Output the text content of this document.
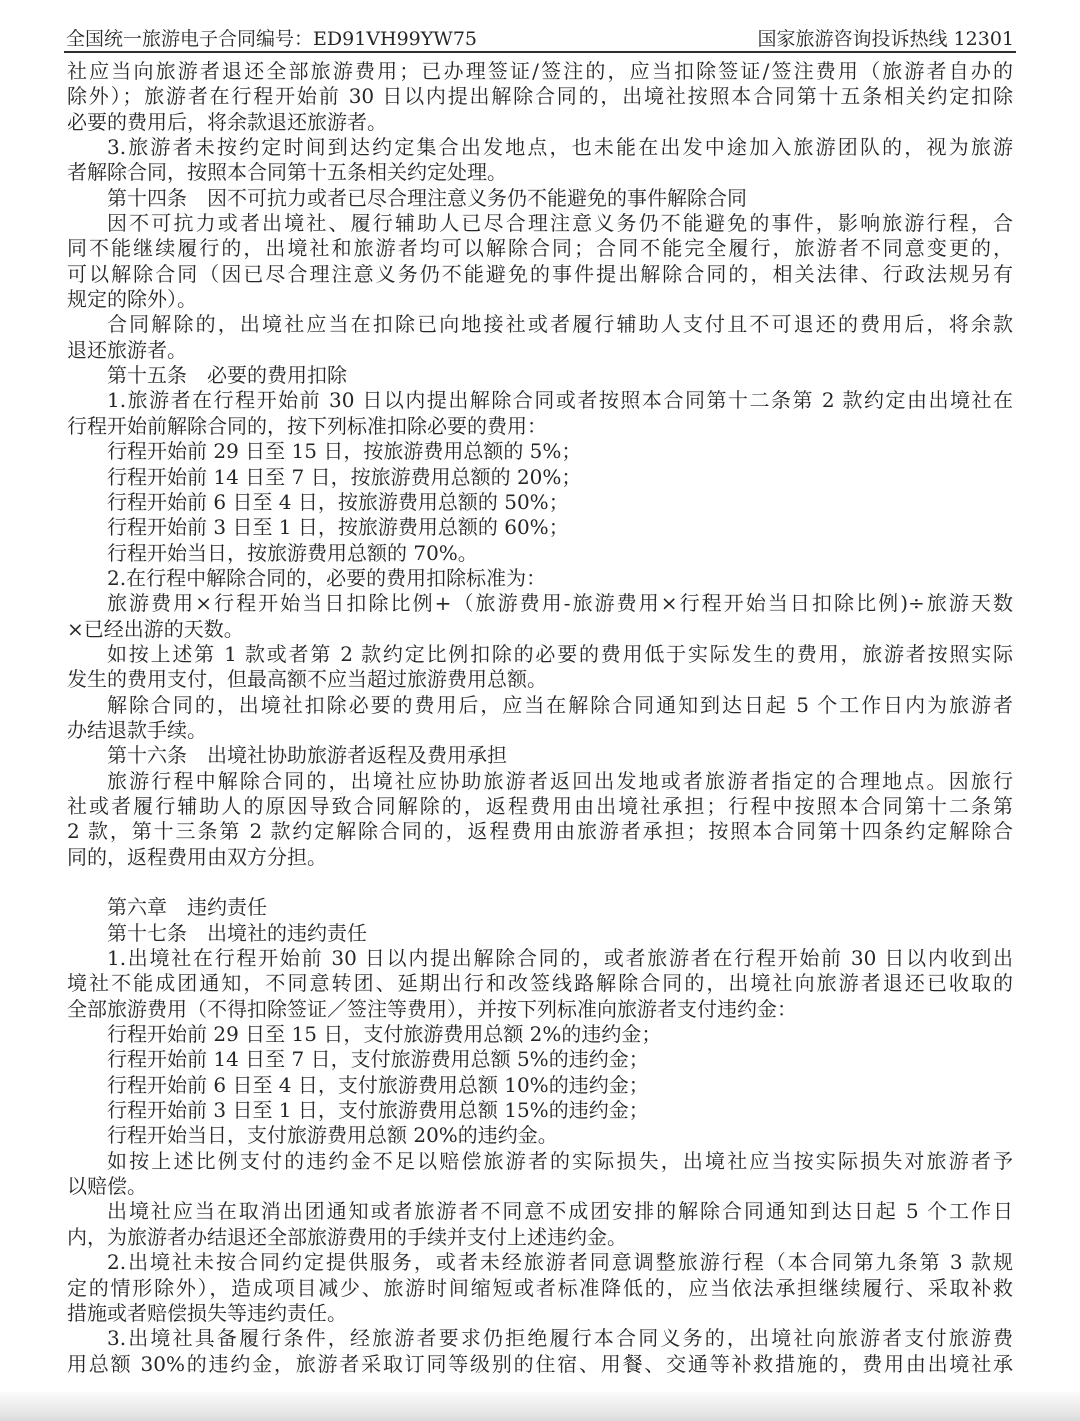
全国统一旅游电子合同编号：ED91VH99YW75	国家旅游咨询投诉热线 12301
社应当向旅游者退还全部旅游费用；已办理签证/签注的，应当扣除签证/签注费用（旅游者自办的
除外）；旅游者在行程开始前 30 日以内提出解除合同的，出境社按照本合同第十五条相关约定扣除
必要的费用后，将余款退还旅游者。
3.旅游者未按约定时间到达约定集合出发地点，也未能在出发中途加入旅游团队的，视为旅游
者解除合同，按照本合同第十五条相关约定处理。
第十四条　因不可抗力或者已尽合理注意义务仍不能避免的事件解除合同
因不可抗力或者出境社、履行辅助人已尽合理注意义务仍不能避免的事件，影响旅游行程，合
同不能继续履行的，出境社和旅游者均可以解除合同；合同不能完全履行，旅游者不同意变更的，
可以解除合同（因已尽合理注意义务仍不能避免的事件提出解除合同的，相关法律、行政法规另有
规定的除外）。
合同解除的，出境社应当在扣除已向地接社或者履行辅助人支付且不可退还的费用后，将余款
退还旅游者。
第十五条　必要的费用扣除
1.旅游者在行程开始前 30 日以内提出解除合同或者按照本合同第十二条第 2 款约定由出境社在
行程开始前解除合同的，按下列标准扣除必要的费用：
行程开始前 29 日至 15 日，按旅游费用总额的 5%；
行程开始前 14 日至 7 日，按旅游费用总额的 20%；
行程开始前 6 日至 4 日，按旅游费用总额的 50%；
行程开始前 3 日至 1 日，按旅游费用总额的 60%；
行程开始当日，按旅游费用总额的 70%。
2.在行程中解除合同的，必要的费用扣除标准为：
旅游费用×行程开始当日扣除比例+（旅游费用-旅游费用×行程开始当日扣除比例)÷旅游天数
×已经出游的天数。
如按上述第 1 款或者第 2 款约定比例扣除的必要的费用低于实际发生的费用，旅游者按照实际
发生的费用支付，但最高额不应当超过旅游费用总额。
解除合同的，出境社扣除必要的费用后，应当在解除合同通知到达日起 5 个工作日内为旅游者
办结退款手续。
第十六条　出境社协助旅游者返程及费用承担
旅游行程中解除合同的，出境社应协助旅游者返回出发地或者旅游者指定的合理地点。因旅行
社或者履行辅助人的原因导致合同解除的，返程费用由出境社承担；行程中按照本合同第十二条第
2 款，第十三条第 2 款约定解除合同的，返程费用由旅游者承担；按照本合同第十四条约定解除合
同的，返程费用由双方分担。
第六章　违约责任
第十七条　出境社的违约责任
1.出境社在行程开始前 30 日以内提出解除合同的，或者旅游者在行程开始前 30 日以内收到出
境社不能成团通知，不同意转团、延期出行和改签线路解除合同的，出境社向旅游者退还已收取的
全部旅游费用（不得扣除签证／签注等费用），并按下列标准向旅游者支付违约金：
行程开始前 29 日至 15 日，支付旅游费用总额 2%的违约金；
行程开始前 14 日至 7 日，支付旅游费用总额 5%的违约金；
行程开始前 6 日至 4 日，支付旅游费用总额 10%的违约金；
行程开始前 3 日至 1 日，支付旅游费用总额 15%的违约金；
行程开始当日，支付旅游费用总额 20%的违约金。
如按上述比例支付的违约金不足以赔偿旅游者的实际损失，出境社应当按实际损失对旅游者予
以赔偿。
出境社应当在取消出团通知或者旅游者不同意不成团安排的解除合同通知到达日起 5 个工作日
内，为旅游者办结退还全部旅游费用的手续并支付上述违约金。
2.出境社未按合同约定提供服务，或者未经旅游者同意调整旅游行程（本合同第九条第 3 款规
定的情形除外），造成项目减少、旅游时间缩短或者标准降低的，应当依法承担继续履行、采取补救
措施或者赔偿损失等违约责任。
3.出境社具备履行条件，经旅游者要求仍拒绝履行本合同义务的，出境社向旅游者支付旅游费
用总额 30%的违约金，旅游者采取订同等级别的住宿、用餐、交通等补救措施的，费用由出境社承
